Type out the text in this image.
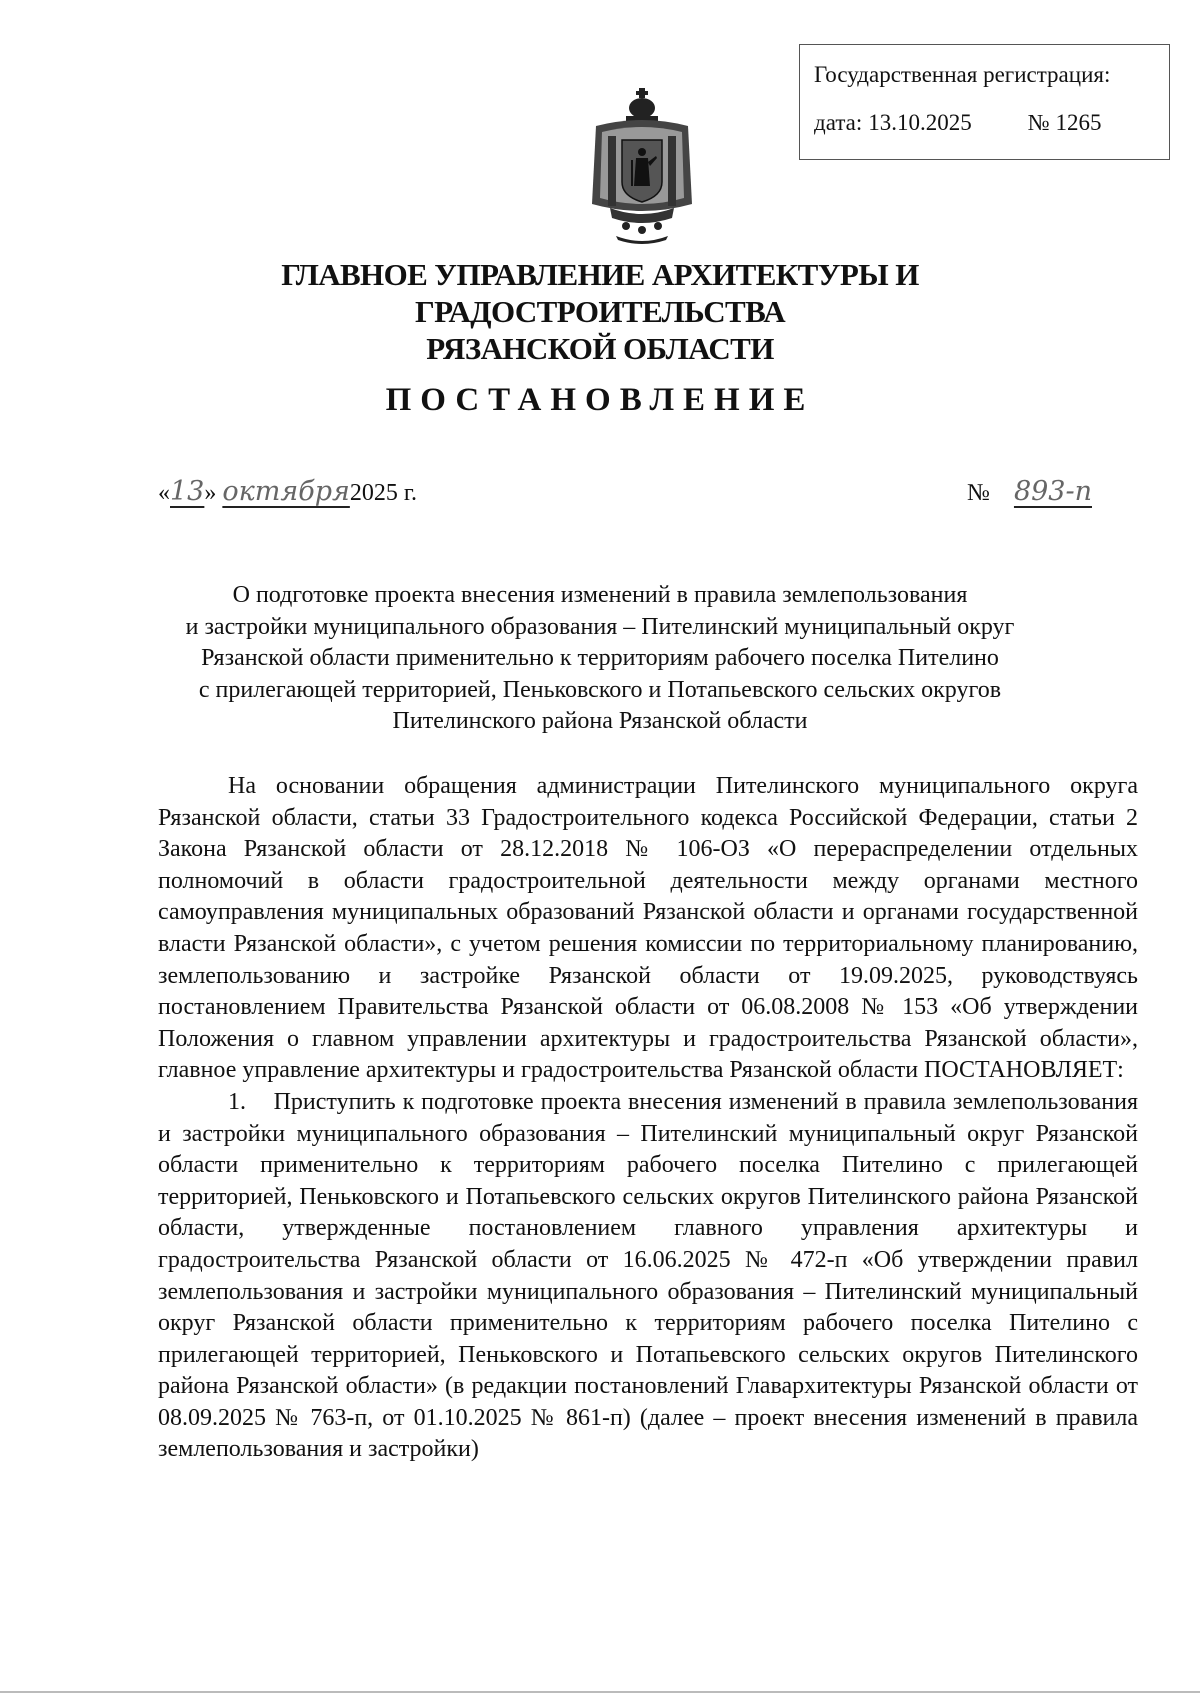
Государственная регистрация:
дата: 13.10.2025 № 1265
ГЛАВНОЕ УПРАВЛЕНИЕ АРХИТЕКТУРЫ И ГРАДОСТРОИТЕЛЬСТВА
РЯЗАНСКОЙ ОБЛАСТИ
ПОСТАНОВЛЕНИЕ
«13» октября2025 г.	№ 893-п
О подготовке проекта внесения изменений в правила землепользования
и застройки муниципального образования – Пителинский муниципальный округ
Рязанской области применительно к территориям рабочего поселка Пителино
с прилегающей территорией, Пеньковского и Потапьевского сельских округов
Пителинского района Рязанской области

На основании обращения администрации Пителинского муниципального округа Рязанской области, статьи 33 Градостроительного кодекса Российской Федерации, статьи 2 Закона Рязанской области от 28.12.2018 № 106-ОЗ «О перераспределении отдельных полномочий в области градостроительной деятельности между органами местного самоуправления муниципальных образований Рязанской области и органами государственной власти Рязанской области», с учетом решения комиссии по территориальному планированию, землепользованию и застройке Рязанской области от 19.09.2025, руководствуясь постановлением Правительства Рязанской области от 06.08.2008 № 153 «Об утверждении Положения о главном управлении архитектуры и градостроительства Рязанской области», главное управление архитектуры и градостроительства Рязанской области ПОСТАНОВЛЯЕТ:

1. Приступить к подготовке проекта внесения изменений в правила землепользования и застройки муниципального образования – Пителинский муниципальный округ Рязанской области применительно к территориям рабочего поселка Пителино с прилегающей территорией, Пеньковского и Потапьевского сельских округов Пителинского района Рязанской области, утвержденные постановлением главного управления архитектуры и градостроительства Рязанской области от 16.06.2025 № 472-п «Об утверждении правил землепользования и застройки муниципального образования – Пителинский муниципальный округ Рязанской области применительно к территориям рабочего поселка Пителино с прилегающей территорией, Пеньковского и Потапьевского сельских округов Пителинского района Рязанской области» (в редакции постановлений Главархитектуры Рязанской области от 08.09.2025 № 763-п, от 01.10.2025 № 861-п) (далее – проект внесения изменений в правила землепользования и застройки)
